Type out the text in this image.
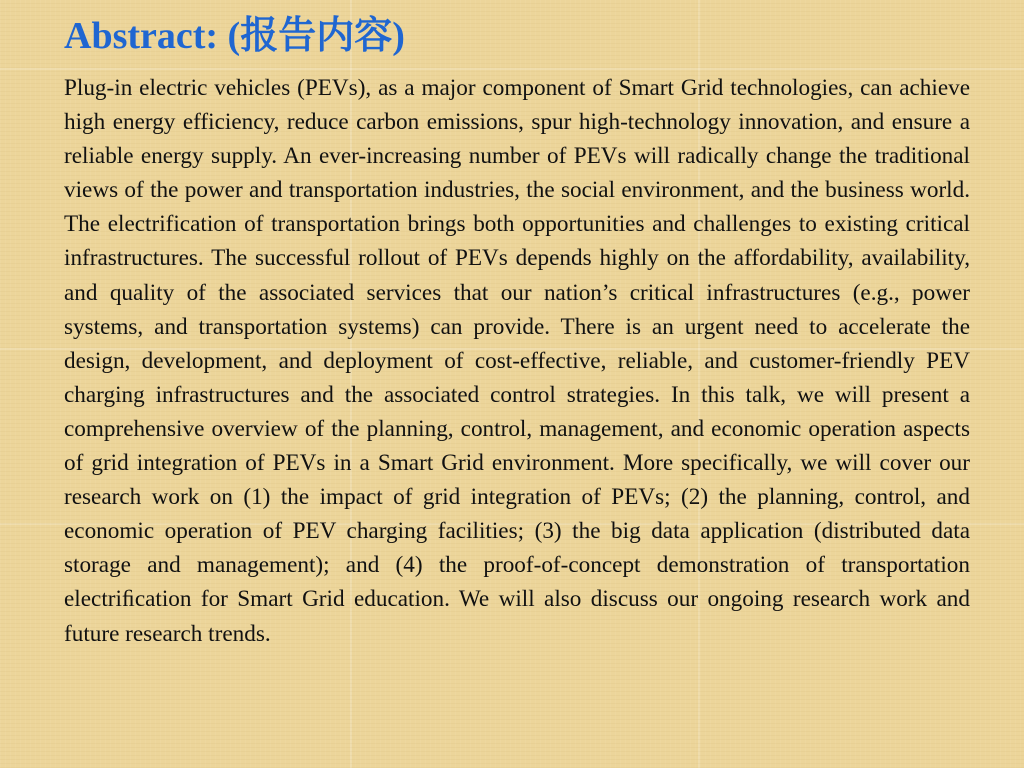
Abstract: (报告内容)

Plug-in electric vehicles (PEVs), as a major component of Smart Grid technologies, can achieve high energy efficiency, reduce carbon emissions, spur high-technology innovation, and ensure a reliable energy supply. An ever-increasing number of PEVs will radically change the traditional views of the power and transportation industries, the social environment, and the business world. The electrification of transportation brings both opportunities and challenges to existing critical infrastructures. The successful rollout of PEVs depends highly on the affordability, availability, and quality of the associated services that our nation’s critical infrastructures (e.g., power systems, and transportation systems) can provide. There is an urgent need to accelerate the design, development, and deployment of cost-effective, reliable, and customer-friendly PEV charging infrastructures and the associated control strategies. In this talk, we will present a comprehensive overview of the planning, control, management, and economic operation aspects of grid integration of PEVs in a Smart Grid environment. More specifically, we will cover our research work on (1) the impact of grid integration of PEVs; (2) the planning, control, and economic operation of PEV charging facilities; (3) the big data application (distributed data storage and management); and (4) the proof-of-concept demonstration of transportation electriﬁcation for Smart Grid education. We will also discuss our ongoing research work and future research trends.
